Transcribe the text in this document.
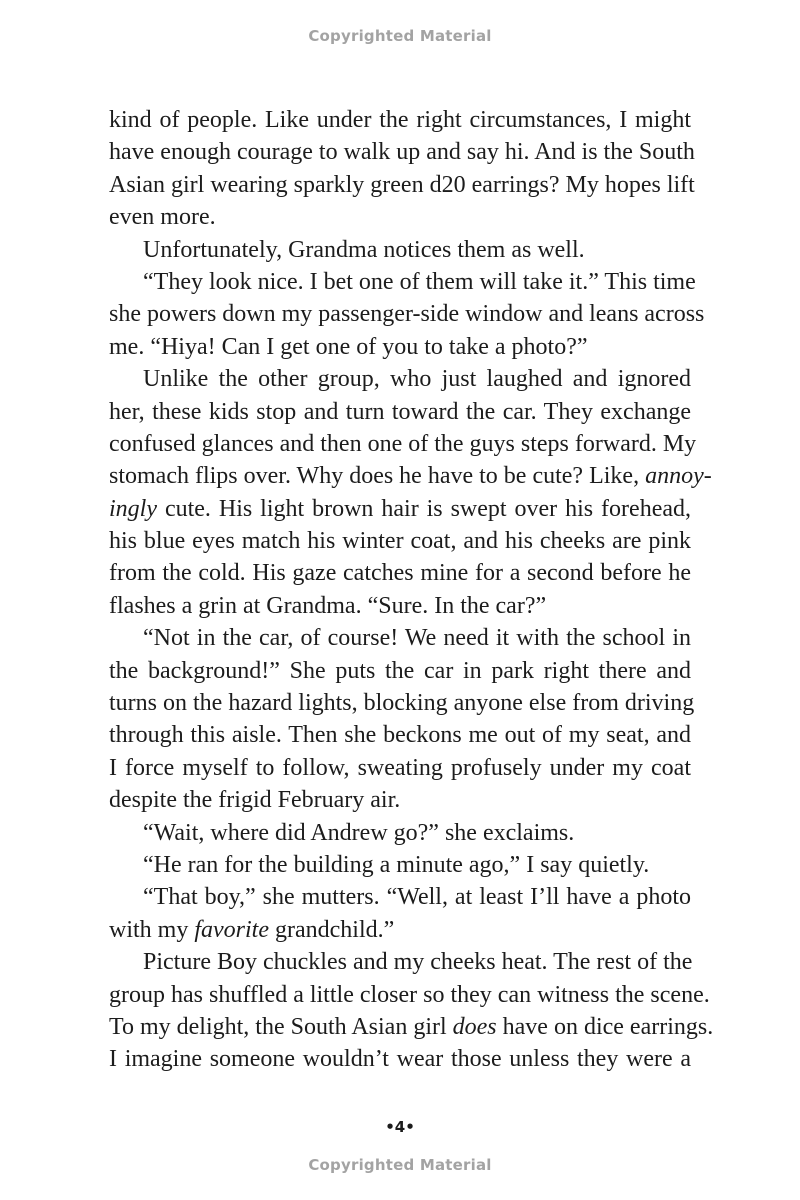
Copyrighted Material
kind of people. Like under the right circumstances, I might
have enough courage to walk up and say hi. And is the South
Asian girl wearing sparkly green d20 earrings? My hopes lift
even more.
Unfortunately, Grandma notices them as well.
“They look nice. I bet one of them will take it.” This time
she powers down my passenger-side window and leans across
me. “Hiya! Can I get one of you to take a photo?”
Unlike the other group, who just laughed and ignored
her, these kids stop and turn toward the car. They exchange
confused glances and then one of the guys steps forward. My
stomach flips over. Why does he have to be cute? Like, annoy-
ingly cute. His light brown hair is swept over his forehead,
his blue eyes match his winter coat, and his cheeks are pink
from the cold. His gaze catches mine for a second before he
flashes a grin at Grandma. “Sure. In the car?”
“Not in the car, of course! We need it with the school in
the background!” She puts the car in park right there and
turns on the hazard lights, blocking anyone else from driving
through this aisle. Then she beckons me out of my seat, and
I force myself to follow, sweating profusely under my coat
despite the frigid February air.
“Wait, where did Andrew go?” she exclaims.
“He ran for the building a minute ago,” I say quietly.
“That boy,” she mutters. “Well, at least I’ll have a photo
with my favorite grandchild.”
Picture Boy chuckles and my cheeks heat. The rest of the
group has shuffled a little closer so they can witness the scene.
To my delight, the South Asian girl does have on dice earrings.
I imagine someone wouldn’t wear those unless they were a
•4•
Copyrighted Material
